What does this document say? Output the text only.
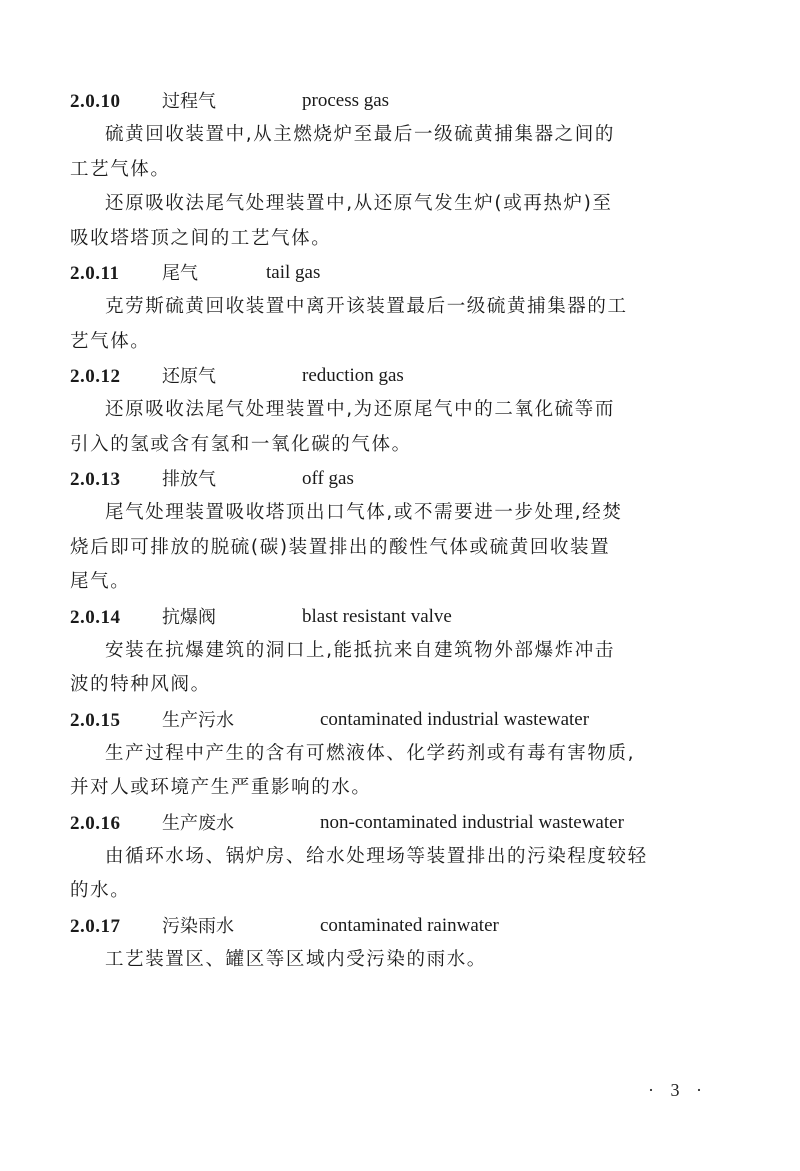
2.0.10 过程气	process gas
硫黄回收装置中,从主燃烧炉至最后一级硫黄捕集器之间的
工艺气体。
还原吸收法尾气处理装置中,从还原气发生炉(或再热炉)至
吸收塔塔顶之间的工艺气体。
2.0.11 尾气	tail gas
克劳斯硫黄回收装置中离开该装置最后一级硫黄捕集器的工
艺气体。
2.0.12 还原气	reduction gas
还原吸收法尾气处理装置中,为还原尾气中的二氧化硫等而
引入的氢或含有氢和一氧化碳的气体。
2.0.13 排放气	off gas
尾气处理装置吸收塔顶出口气体,或不需要进一步处理,经焚
烧后即可排放的脱硫(碳)装置排出的酸性气体或硫黄回收装置
尾气。
2.0.14 抗爆阀	blast resistant valve
安装在抗爆建筑的洞口上,能抵抗来自建筑物外部爆炸冲击
波的特种风阀。
2.0.15 生产污水	contaminated industrial wastewater
生产过程中产生的含有可燃液体、化学药剂或有毒有害物质,
并对人或环境产生严重影响的水。
2.0.16 生产废水	non-contaminated industrial wastewater
由循环水场、锅炉房、给水处理场等装置排出的污染程度较轻
的水。
2.0.17 污染雨水	contaminated rainwater
工艺装置区、罐区等区域内受污染的雨水。
· 3 ·
